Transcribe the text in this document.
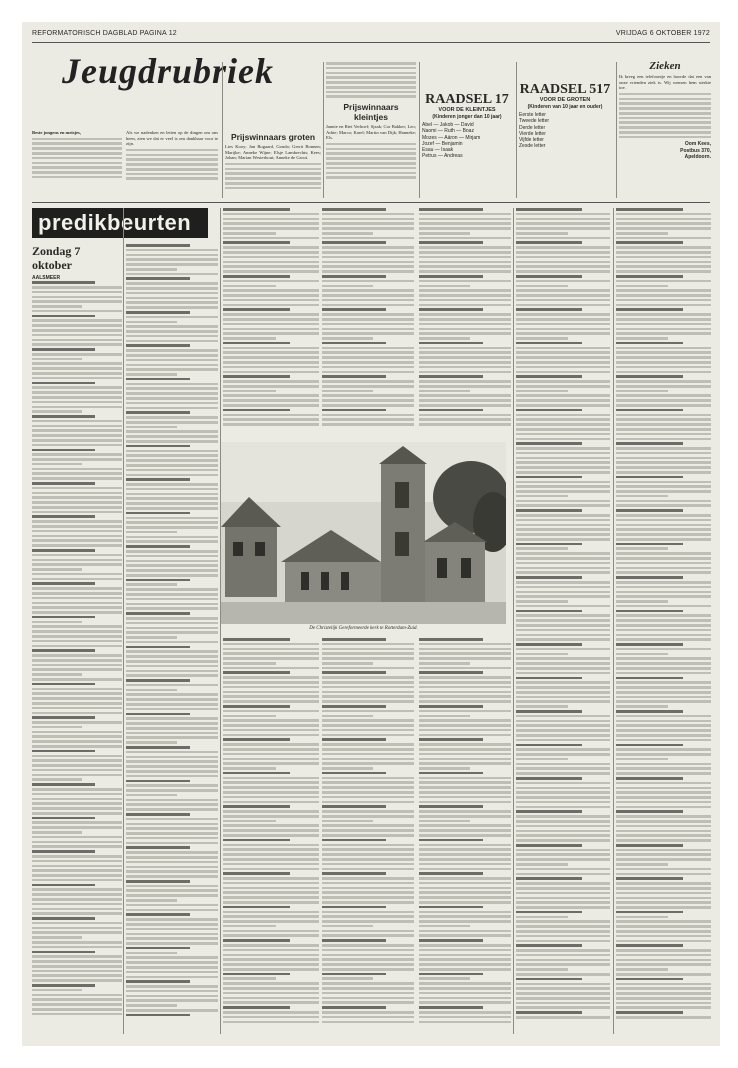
REFORMATORISCH DAGBLAD PAGINA 12	VRIJDAG 6 OKTOBER 1972
Jeugdrubriek
Beste jongens en meisjes,	Als we nadenken en letten op de dingen om ons heen, zien we dat er veel is om dankbaar voor te zijn.
Prijswinnaars groten
Lies Kooy; Jan Bogaard, Gouda; Gerrit Bonnen; Marijke; Anneke Wijne; Elsje Lambrechts; Kees; Johan; Marian Westerhout; Anneke de Groot.
Prijswinnaars kleintjes
Jannie en Riet Verhoef; Sjaak; Cor Bakker; Leo; Adrie; Marco; Karel; Martin van Dijk; Hanneke; Els.
RAADSEL 17
VOOR DE KLEINTJES
(Kinderen jonger dan 10 jaar)
Abel — Jakob — David
Naomi — Ruth — Boaz
Mozes — Aäron — Mirjam
Jozef — Benjamin
Esau — Isaak
Petrus — Andreas
RAADSEL 517
VOOR DE GROTEN
(Kinderen van 10 jaar en ouder)
Eerste letter
Tweede letter
Derde letter
Vierde letter
Vijfde letter
Zesde letter
Zieken
Ik kreeg een telefoontje en hoorde dat een van onze vrienden ziek is. Wij wensen hem sterkte toe.
Oom Kees,
Postbus 370,
Apeldoorn.
predikbeurten
Zondag 7 oktober
AALSMEER
De Christelijk Gereformeerde kerk te Rotterdam-Zuid.
